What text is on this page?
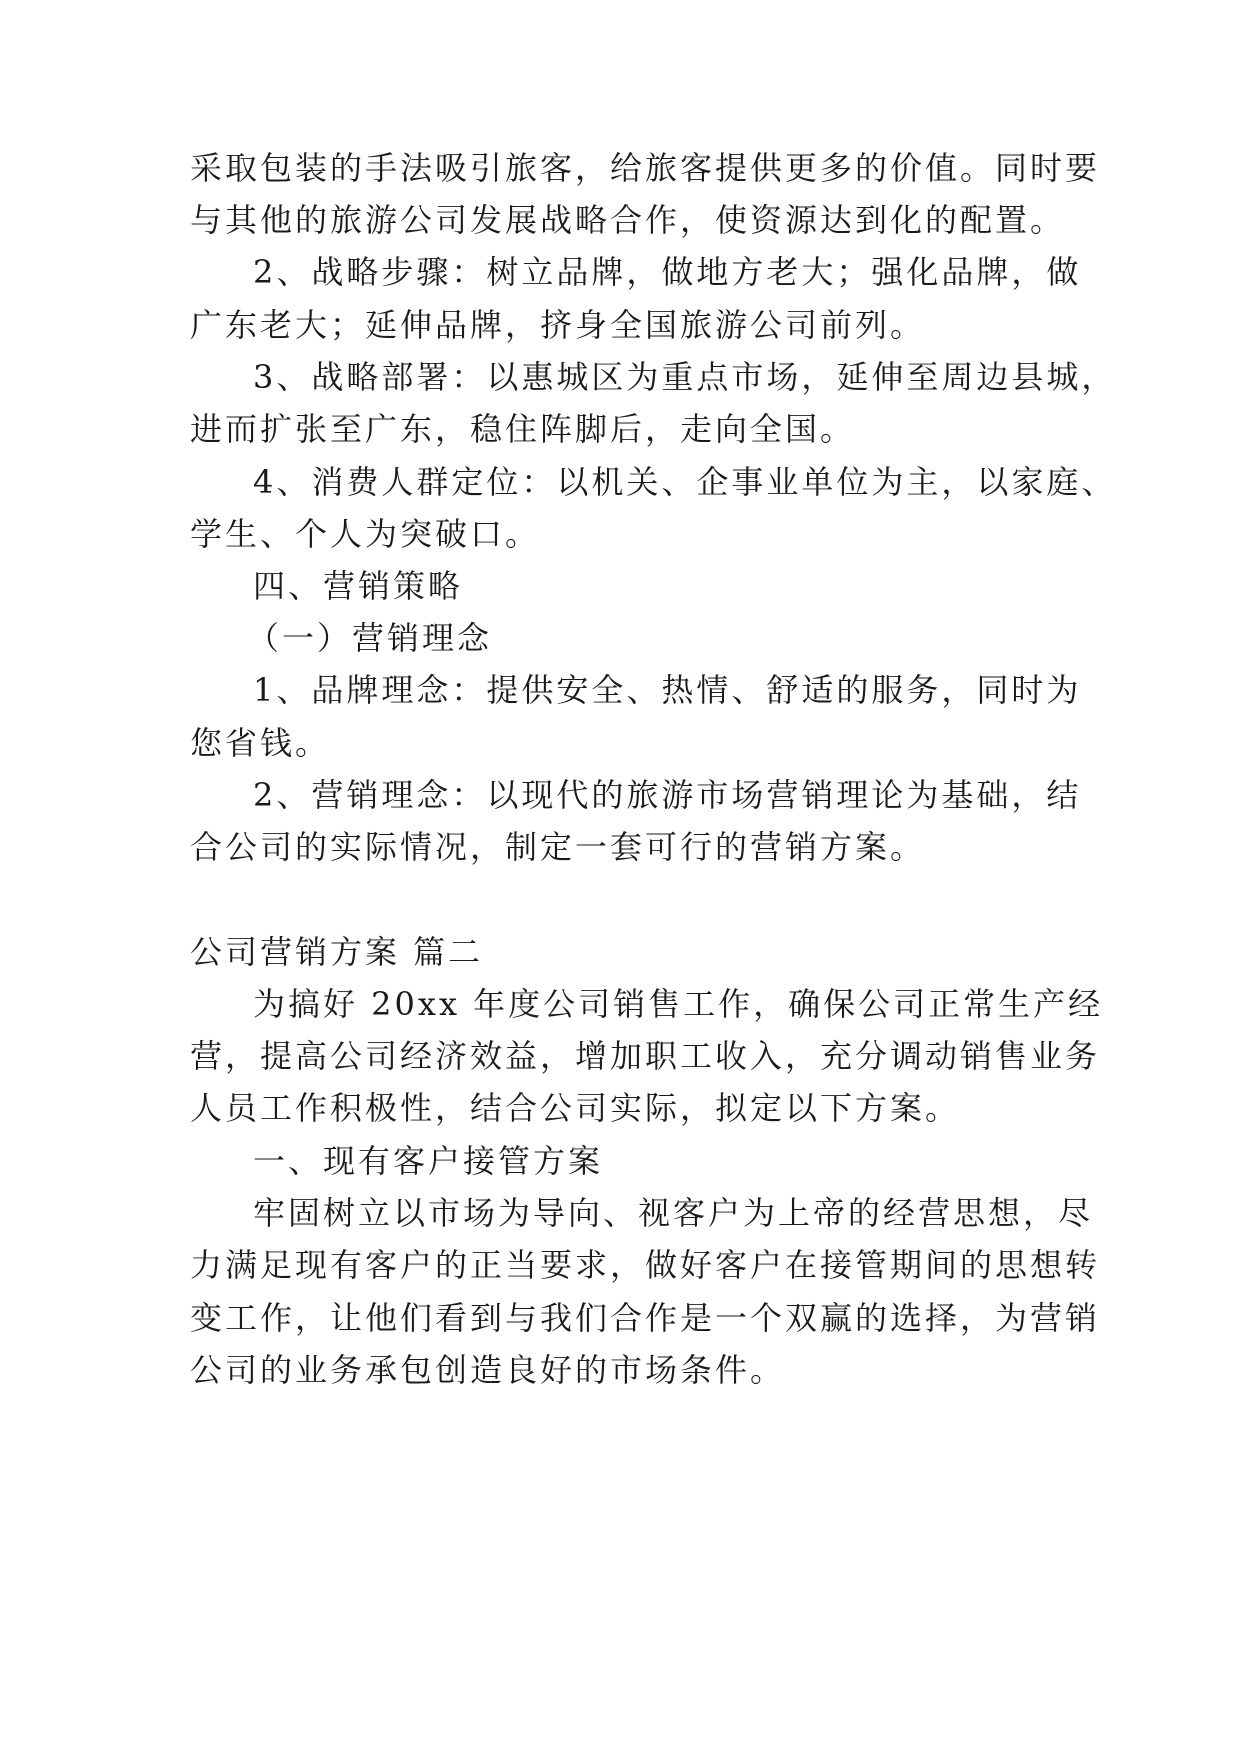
采取包装的手法吸引旅客，给旅客提供更多的价值。同时要
与其他的旅游公司发展战略合作，使资源达到化的配置。
2、战略步骤：树立品牌，做地方老大；强化品牌，做
广东老大；延伸品牌，挤身全国旅游公司前列。
3、战略部署：以惠城区为重点市场，延伸至周边县城，
进而扩张至广东，稳住阵脚后，走向全国。
4、消费人群定位：以机关、企事业单位为主，以家庭、
学生、个人为突破口。
四、营销策略
（一）营销理念
1、品牌理念：提供安全、热情、舒适的服务，同时为
您省钱。
2、营销理念：以现代的旅游市场营销理论为基础，结
合公司的实际情况，制定一套可行的营销方案。
公司营销方案 篇二
为搞好 20xx 年度公司销售工作，确保公司正常生产经
营，提高公司经济效益，增加职工收入，充分调动销售业务
人员工作积极性，结合公司实际，拟定以下方案。
一、现有客户接管方案
牢固树立以市场为导向、视客户为上帝的经营思想，尽
力满足现有客户的正当要求，做好客户在接管期间的思想转
变工作，让他们看到与我们合作是一个双赢的选择，为营销
公司的业务承包创造良好的市场条件。
